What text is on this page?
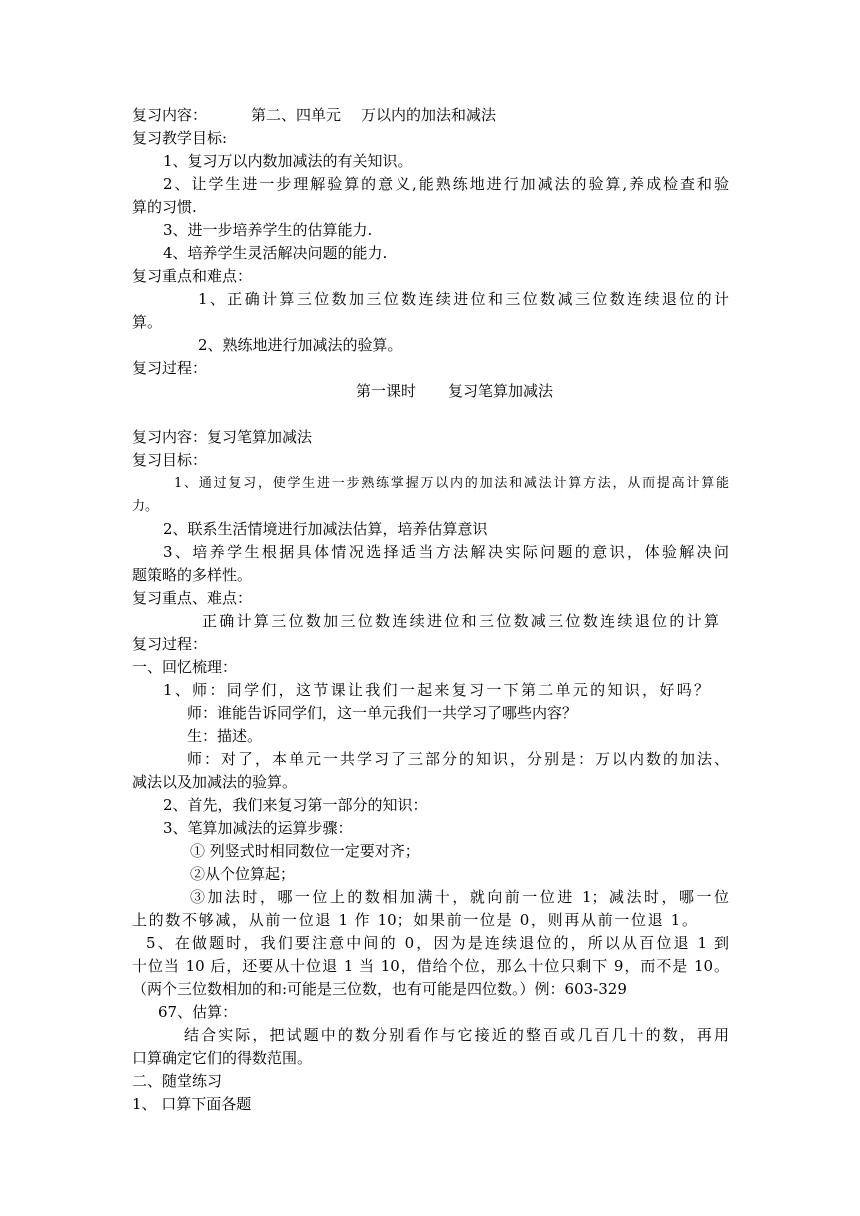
复习内容：	第二、四单元 万以内的加法和减法
复习教学目标:
1、复习万以内数加减法的有关知识。
2、让学生进一步理解验算的意义,能熟练地进行加减法的验算,养成检查和验
算的习惯.
3、进一步培养学生的估算能力.
4、培养学生灵活解决问题的能力.
复习重点和难点：
1、正确计算三位数加三位数连续进位和三位数减三位数连续退位的计
算。
2、熟练地进行加减法的验算。
复习过程：
第一课时 复习笔算加减法
复习内容：复习笔算加减法
复习目标：
1、通过复习，使学生进一步熟练掌握万以内的加法和减法计算方法，从而提高计算能
力。
2、联系生活情境进行加减法估算，培养估算意识
3、培养学生根据具体情况选择适当方法解决实际问题的意识，体验解决问
题策略的多样性。
复习重点、难点：
正确计算三位数加三位数连续进位和三位数减三位数连续退位的计算
复习过程：
一、回忆梳理：
1、师：同学们，这节课让我们一起来复习一下第二单元的知识，好吗？
师：谁能告诉同学们，这一单元我们一共学习了哪些内容？
生：描述。
师：对了，本单元一共学习了三部分的知识，分别是：万以内数的加法、
减法以及加减法的验算。
2、首先，我们来复习第一部分的知识：
3、笔算加减法的运算步骤：
① 列竖式时相同数位一定要对齐；
②从个位算起；
③加法时，哪一位上的数相加满十，就向前一位进 1；减法时，哪一位
上的数不够减，从前一位退 1 作 10；如果前一位是 0，则再从前一位退 1。
5、在做题时，我们要注意中间的 0，因为是连续退位的，所以从百位退 1 到
十位当 10 后，还要从十位退 1 当 10，借给个位，那么十位只剩下 9，而不是 10。
（两个三位数相加的和:可能是三位数，也有可能是四位数。）例：603-329
67、估算：
结合实际，把试题中的数分别看作与它接近的整百或几百几十的数，再用
口算确定它们的得数范围。
二、随堂练习
1、 口算下面各题
